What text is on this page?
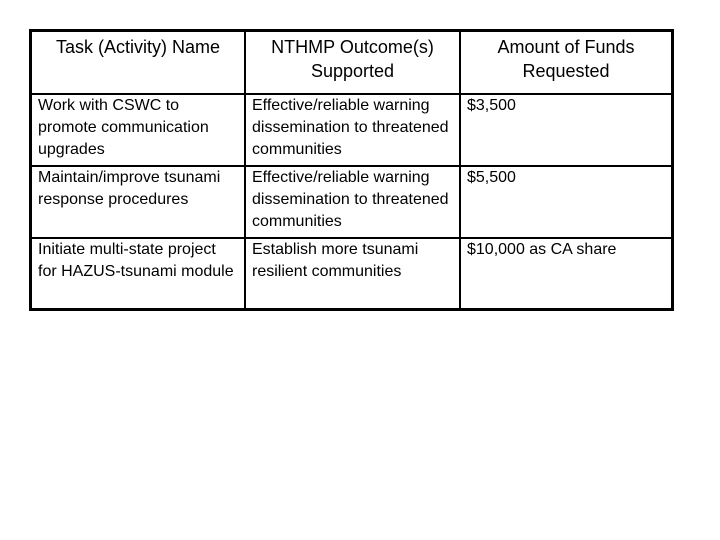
Task (Activity) Name	NTHMP Outcome(s) Supported
Amount of Funds Requested
Work with CSWC to promote communication upgrades
Effective/reliable warning dissemination to threatened communities
$3,500
Maintain/improve tsunami response procedures
Effective/reliable warning dissemination to threatened communities
$5,500
Initiate multi-state project for HAZUS-tsunami module
Establish more tsunami resilient communities
$10,000 as CA share
